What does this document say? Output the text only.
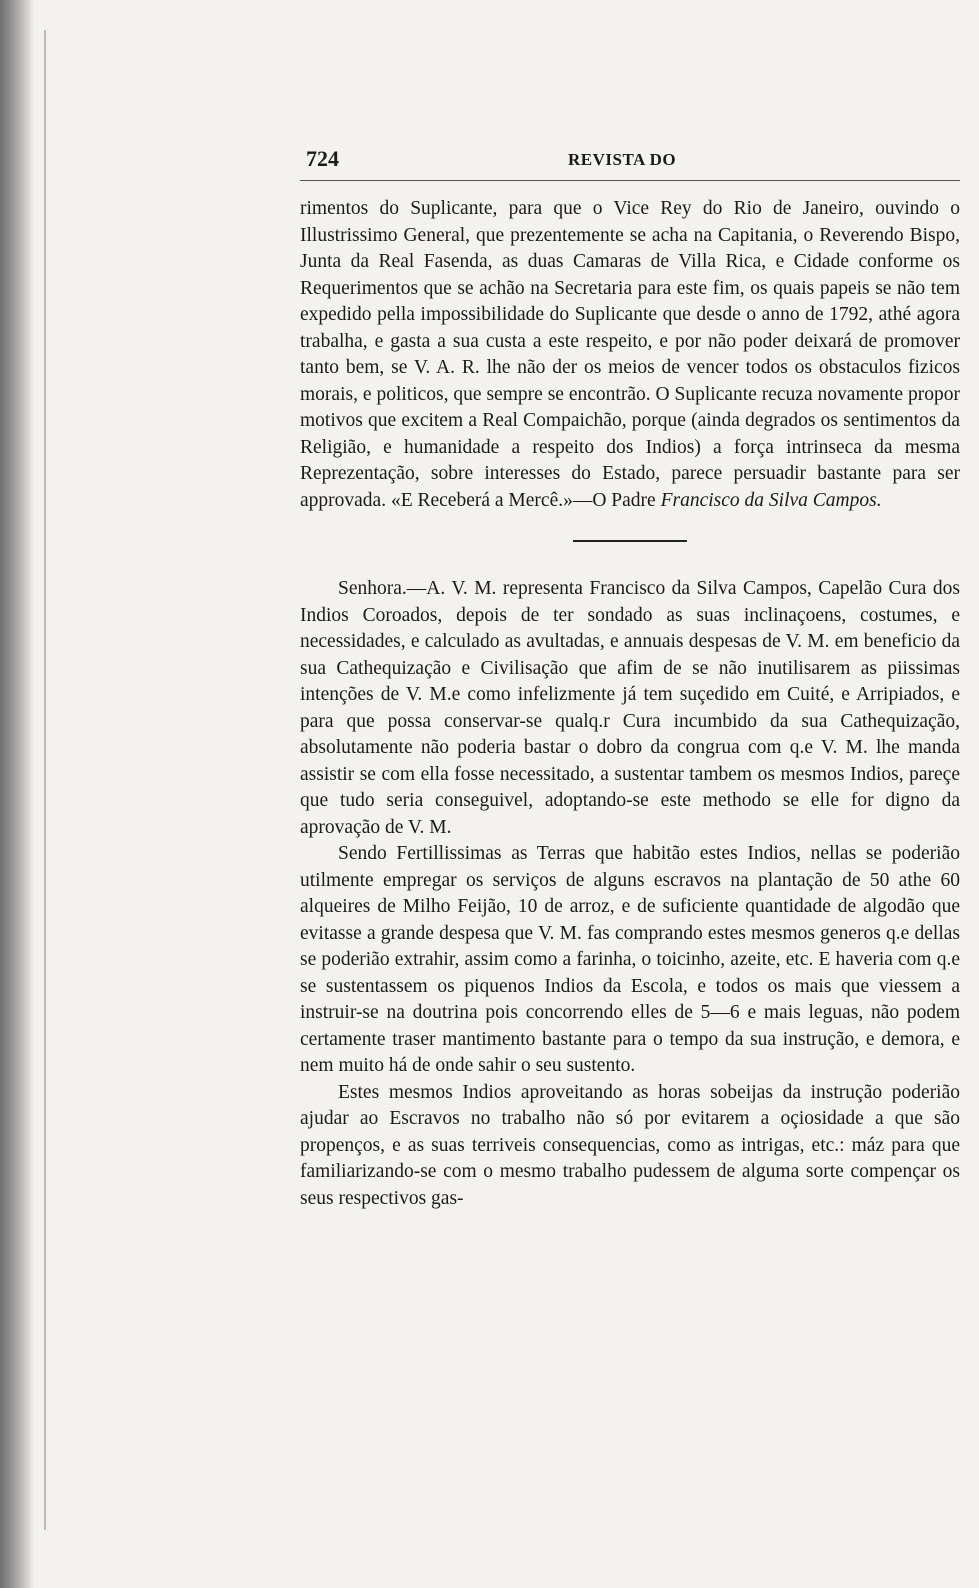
724	REVISTA DO

rimentos do Suplicante, para que o Vice Rey do Rio de Janeiro, ouvindo o Illustrissimo General, que prezentemente se acha na Capitania, o Reverendo Bispo, Junta da Real Fasenda, as duas Camaras de Villa Rica, e Cidade conforme os Requerimentos que se achão na Secretaria para este fim, os quais papeis se não tem expedido pella impossibilidade do Suplicante que desde o anno de 1792, athé agora trabalha, e gasta a sua custa a este respeito, e por não poder deixará de promover tanto bem, se V. A. R. lhe não der os meios de vencer todos os obstaculos fizicos morais, e politicos, que sempre se encontrão. O Suplicante recuza novamente propor motivos que excitem a Real Compaichão, porque (ainda degrados os sentimentos da Religião, e humanidade a respeito dos Indios) a força intrinseca da mesma Reprezentação, sobre interesses do Estado, parece persuadir bastante para ser approvada. «E Receberá a Mercê.»—O Padre Francisco da Silva Campos.

Senhora.—A. V. M. representa Francisco da Silva Campos, Capelão Cura dos Indios Coroados, depois de ter sondado as suas inclinaçoens, costumes, e necessidades, e calculado as avultadas, e annuais despesas de V. M. em beneficio da sua Cathequização e Civilisação que afim de se não inutilisarem as piissimas intenções de V. M.e como infelizmente já tem suçedido em Cuité, e Arripiados, e para que possa conservar-se qualq.r Cura incumbido da sua Cathequização, absolutamente não poderia bastar o dobro da congrua com q.e V. M. lhe manda assistir se com ella fosse necessitado, a sustentar tambem os mesmos Indios, pareçe que tudo seria conseguivel, adoptando-se este methodo se elle for digno da aprovação de V. M.

Sendo Fertillissimas as Terras que habitão estes Indios, nellas se poderião utilmente empregar os serviços de alguns escravos na plantação de 50 athe 60 alqueires de Milho Feijão, 10 de arroz, e de suficiente quantidade de algodão que evitasse a grande despesa que V. M. fas comprando estes mesmos generos q.e dellas se poderião extrahir, assim como a farinha, o toicinho, azeite, etc. E haveria com q.e se sustentassem os piquenos Indios da Escola, e todos os mais que viessem a instruir-se na doutrina pois concorrendo elles de 5—6 e mais leguas, não podem certamente traser mantimento bastante para o tempo da sua instrução, e demora, e nem muito há de onde sahir o seu sustento.

Estes mesmos Indios aproveitando as horas sobeijas da instrução poderião ajudar ao Escravos no trabalho não só por evitarem a oçiosidade a que são propenços, e as suas terriveis consequencias, como as intrigas, etc.: máz para que familiarizando-se com o mesmo trabalho pudessem de alguma sorte compençar os seus respectivos gas-
